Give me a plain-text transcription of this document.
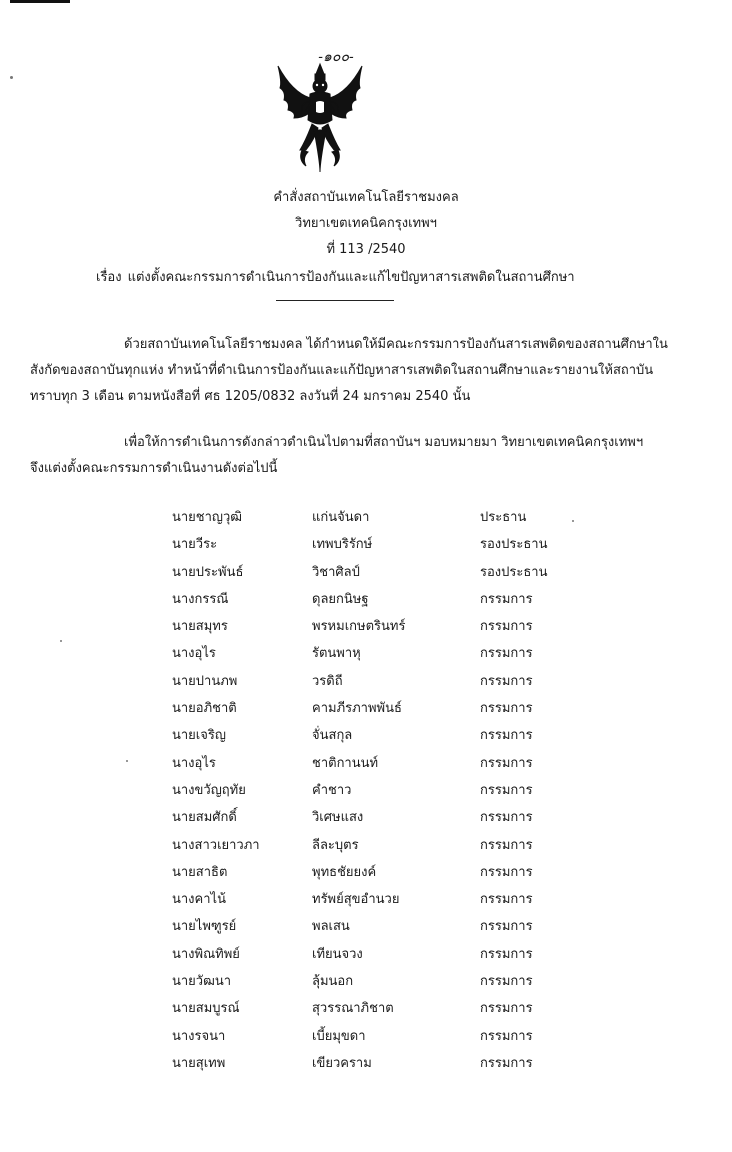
-๑๐๐-
คำสั่งสถาบันเทคโนโลยีราชมงคล
วิทยาเขตเทคนิคกรุงเทพฯ
ที่ 113 /2540
เรื่อง แต่งตั้งคณะกรรมการดำเนินการป้องกันและแก้ไขปัญหาสารเสพติดในสถานศึกษา
ด้วยสถาบันเทคโนโลยีราชมงคล ได้กำหนดให้มีคณะกรรมการป้องกันสารเสพติดของสถานศึกษาใน
สังกัดของสถาบันทุกแห่ง ทำหน้าที่ดำเนินการป้องกันและแก้ปัญหาสารเสพติดในสถานศึกษาและรายงานให้สถาบัน
ทราบทุก 3 เดือน ตามหนังสือที่ ศธ 1205/0832 ลงวันที่ 24 มกราคม 2540 นั้น
เพื่อให้การดำเนินการดังกล่าวดำเนินไปตามที่สถาบันฯ มอบหมายมา วิทยาเขตเทคนิคกรุงเทพฯ
จึงแต่งตั้งคณะกรรมการดำเนินงานดังต่อไปนี้
นายชาญวุฒิ	แก่นจันดา	ประธาน
นายวีระ	เทพบริรักษ์	รองประธาน
นายประพันธ์	วิชาศิลป์	รองประธาน
นางกรรณี	ดุลยกนิษฐ	กรรมการ
นายสมุทร	พรหมเกษตรินทร์	กรรมการ
นางอุไร	รัตนพาหุ	กรรมการ
นายปานภพ	วรดิถี	กรรมการ
นายอภิชาติ	คามภีรภาพพันธ์	กรรมการ
นายเจริญ	จั่นสกุล	กรรมการ
นางอุไร	ชาติกานนท์	กรรมการ
นางขวัญฤทัย	คำชาว	กรรมการ
นายสมศักดิ์	วิเศษแสง	กรรมการ
นางสาวเยาวภา	ลีละบุตร	กรรมการ
นายสาธิต	พุทธชัยยงค์	กรรมการ
นางคาไน้	ทรัพย์สุขอำนวย	กรรมการ
นายไพฑูรย์	พลเสน	กรรมการ
นางพิณทิพย์	เทียนจวง	กรรมการ
นายวัฒนา	ลุ้มนอก	กรรมการ
นายสมบูรณ์	สุวรรณาภิชาต	กรรมการ
นางรจนา	เบี้ยมุขดา	กรรมการ
นายสุเทพ	เขียวคราม	กรรมการ
